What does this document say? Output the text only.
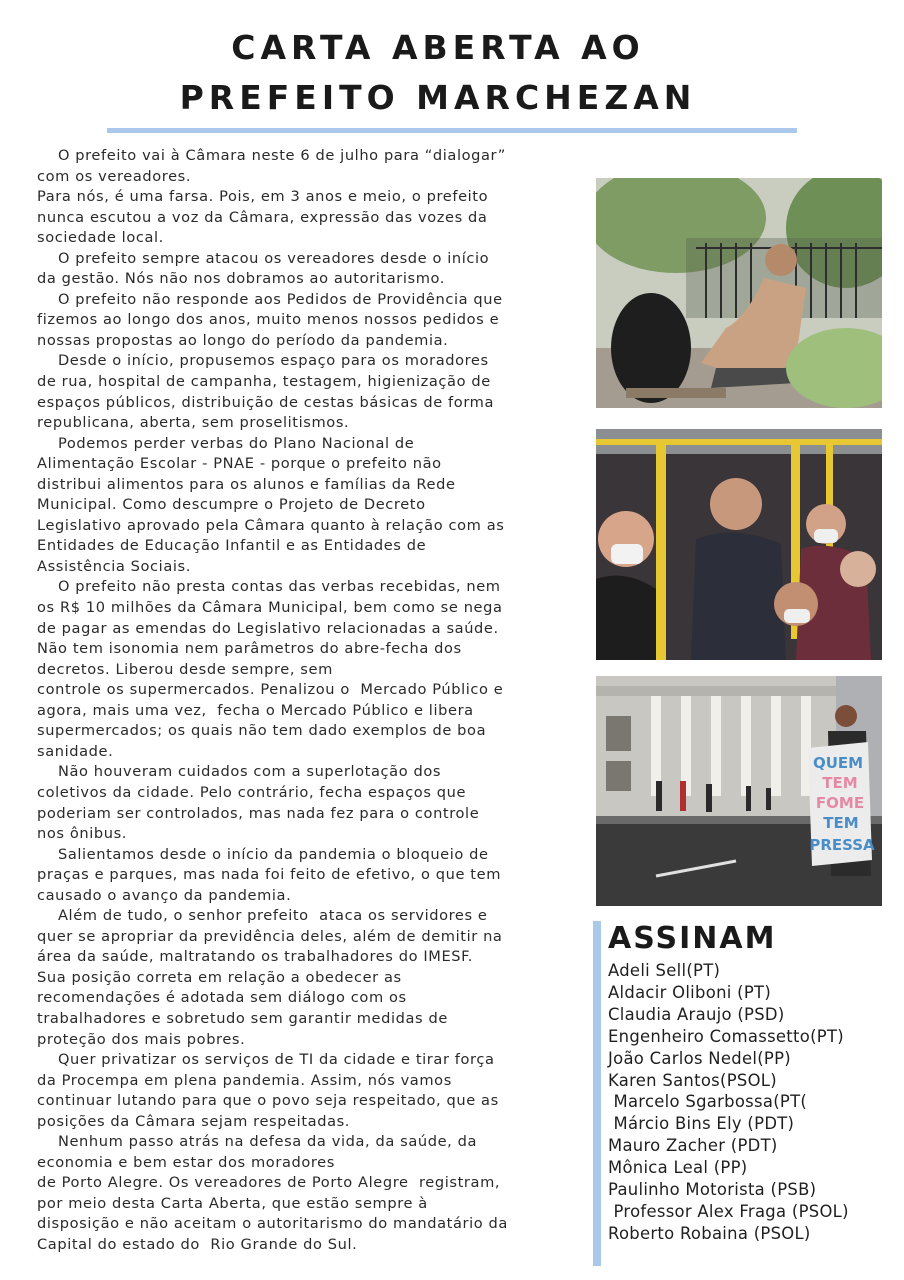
CARTA ABERTA AO
PREFEITO MARCHEZAN
O prefeito vai à Câmara neste 6 de julho para “dialogar”
com os vereadores.
Para nós, é uma farsa. Pois, em 3 anos e meio, o prefeito
nunca escutou a voz da Câmara, expressão das vozes da
sociedade local.
O prefeito sempre atacou os vereadores desde o início
da gestão. Nós não nos dobramos ao autoritarismo.
O prefeito não responde aos Pedidos de Providência que
fizemos ao longo dos anos, muito menos nossos pedidos e
nossas propostas ao longo do período da pandemia.
Desde o início, propusemos espaço para os moradores
de rua, hospital de campanha, testagem, higienização de
espaços públicos, distribuição de cestas básicas de forma
republicana, aberta, sem proselitismos.
Podemos perder verbas do Plano Nacional de
Alimentação Escolar - PNAE - porque o prefeito não
distribui alimentos para os alunos e famílias da Rede
Municipal. Como descumpre o Projeto de Decreto
Legislativo aprovado pela Câmara quanto à relação com as
Entidades de Educação Infantil e as Entidades de
Assistência Sociais.
O prefeito não presta contas das verbas recebidas, nem
os R$ 10 milhões da Câmara Municipal, bem como se nega
de pagar as emendas do Legislativo relacionadas a saúde.
Não tem isonomia nem parâmetros do abre-fecha dos
decretos. Liberou desde sempre, sem
controle os supermercados. Penalizou o  Mercado Público e
agora, mais uma vez,  fecha o Mercado Público e libera
supermercados; os quais não tem dado exemplos de boa
sanidade.
Não houveram cuidados com a superlotação dos
coletivos da cidade. Pelo contrário, fecha espaços que
poderiam ser controlados, mas nada fez para o controle
nos ônibus.
Salientamos desde o início da pandemia o bloqueio de
praças e parques, mas nada foi feito de efetivo, o que tem
causado o avanço da pandemia.
Além de tudo, o senhor prefeito  ataca os servidores e
quer se apropriar da previdência deles, além de demitir na
área da saúde, maltratando os trabalhadores do IMESF.
Sua posição correta em relação a obedecer as
recomendações é adotada sem diálogo com os
trabalhadores e sobretudo sem garantir medidas de
proteção dos mais pobres.
Quer privatizar os serviços de TI da cidade e tirar força
da Procempa em plena pandemia. Assim, nós vamos
continuar lutando para que o povo seja respeitado, que as
posições da Câmara sejam respeitadas.
Nenhum passo atrás na defesa da vida, da saúde, da
economia e bem estar dos moradores
de Porto Alegre. Os vereadores de Porto Alegre  registram,
por meio desta Carta Aberta, que estão sempre à
disposição e não aceitam o autoritarismo do mandatário da
Capital do estado do  Rio Grande do Sul.
QUEM
TEM
FOME
TEM
PRESSA
ASSINAM
Adeli Sell(PT)
Aldacir Oliboni (PT)
Claudia Araujo (PSD)
Engenheiro Comassetto(PT)
João Carlos Nedel(PP)
Karen Santos(PSOL)
Marcelo Sgarbossa(PT(
Márcio Bins Ely (PDT)
Mauro Zacher (PDT)
Mônica Leal (PP)
Paulinho Motorista (PSB)
Professor Alex Fraga (PSOL)
Roberto Robaina (PSOL)
